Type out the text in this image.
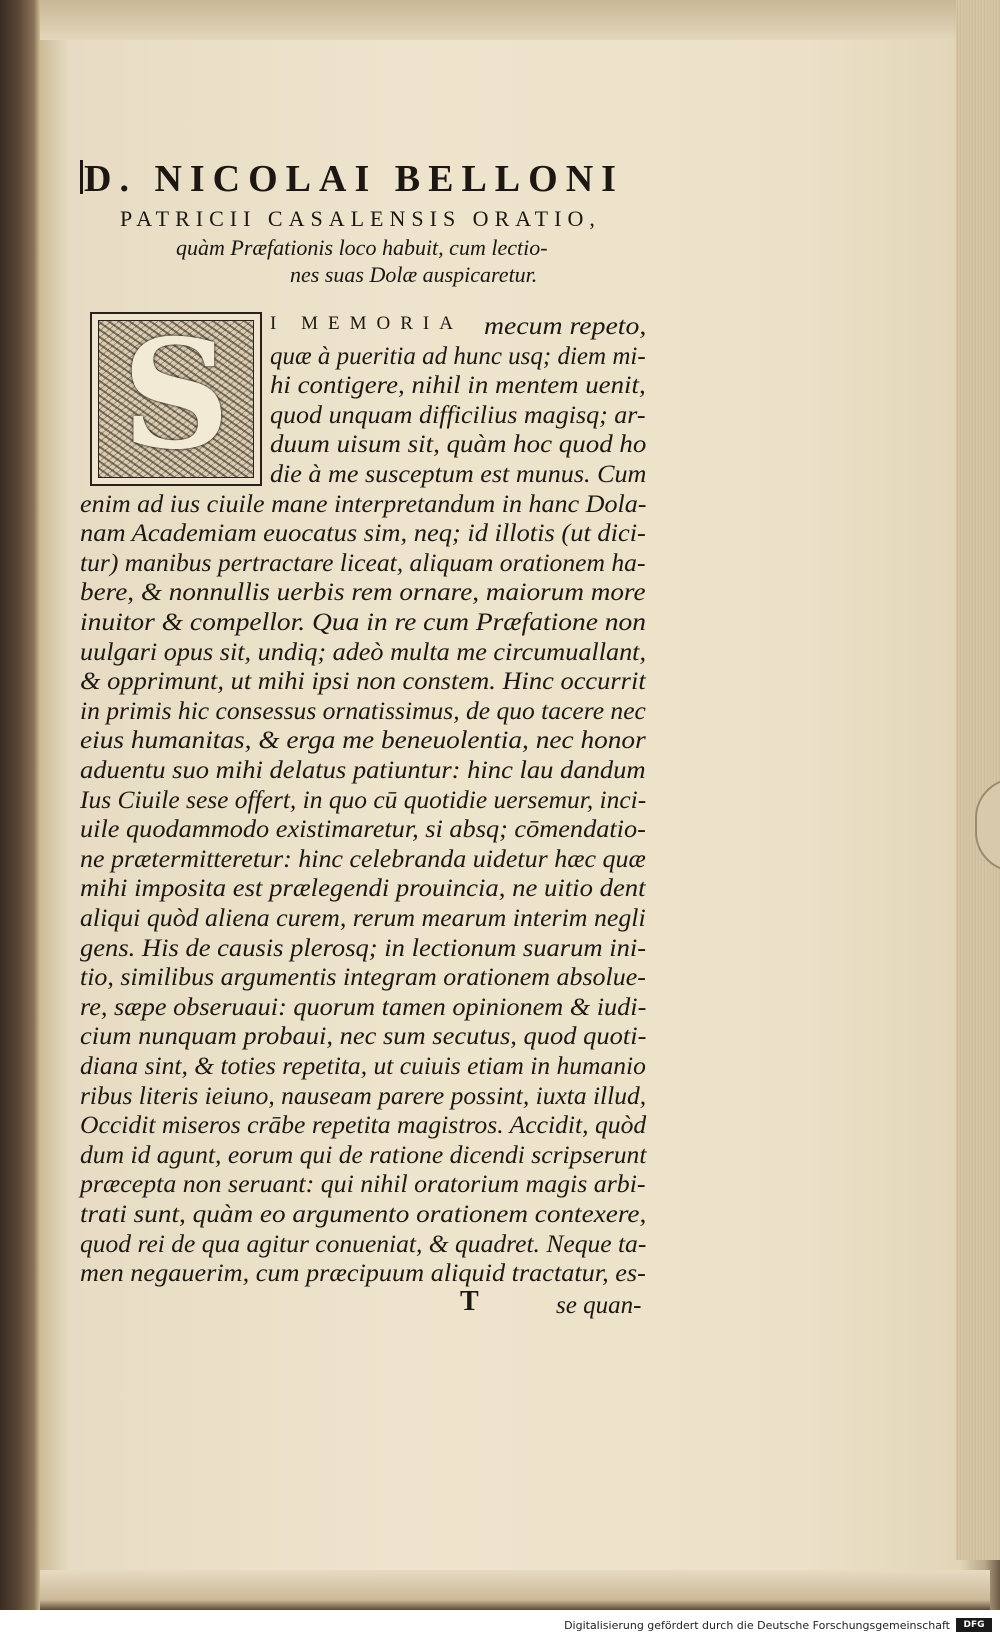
D. NICOLAI BELLONI
PATRICII CASALENSIS ORATIO,
quàm Præfationis loco habuit, cum lectio-
nes suas Dolæ auspicaretur.
S	I MEMORIA mecum repeto,
quæ à pueritia ad hunc usq; diem mi-
hi contigere, nihil in mentem uenit,
quod unquam difficilius magisq; ar-
duum uisum sit, quàm hoc quod ho
die à me susceptum est munus. Cum
enim ad ius ciuile mane interpretandum in hanc Dola-
nam Academiam euocatus sim, neq; id illotis (ut dici-
tur) manibus pertractare liceat, aliquam orationem ha-
bere, & nonnullis uerbis rem ornare, maiorum more
inuitor & compellor. Qua in re cum Præfatione non
uulgari opus sit, undiq; adeò multa me circumuallant,
& opprimunt, ut mihi ipsi non constem. Hinc occurrit
in primis hic consessus ornatissimus, de quo tacere nec
eius humanitas, & erga me beneuolentia, nec honor
aduentu suo mihi delatus patiuntur: hinc lau dandum
Ius Ciuile sese offert, in quo cū quotidie uersemur, inci-
uile quodammodo existimaretur, si absq; cōmendatio-
ne prætermitteretur: hinc celebranda uidetur hæc quæ
mihi imposita est prælegendi prouincia, ne uitio dent
aliqui quòd aliena curem, rerum mearum interim negli
gens. His de causis plerosq; in lectionum suarum ini-
tio, similibus argumentis integram orationem absolue-
re, sæpe obseruaui: quorum tamen opinionem & iudi-
cium nunquam probaui, nec sum secutus, quod quoti-
diana sint, & toties repetita, ut cuiuis etiam in humanio
ribus literis ieiuno, nauseam parere possint, iuxta illud,
Occidit miseros crābe repetita magistros. Accidit, quòd
dum id agunt, eorum qui de ratione dicendi scripserunt
præcepta non seruant: qui nihil oratorium magis arbi-
trati sunt, quàm eo argumento orationem contexere,
quod rei de qua agitur conueniat, & quadret. Neque ta-
men negauerim, cum præcipuum aliquid tractatur, es-
T	se quan-
Digitalisierung gefördert durch die Deutsche Forschungsgemeinschaft	DFG
